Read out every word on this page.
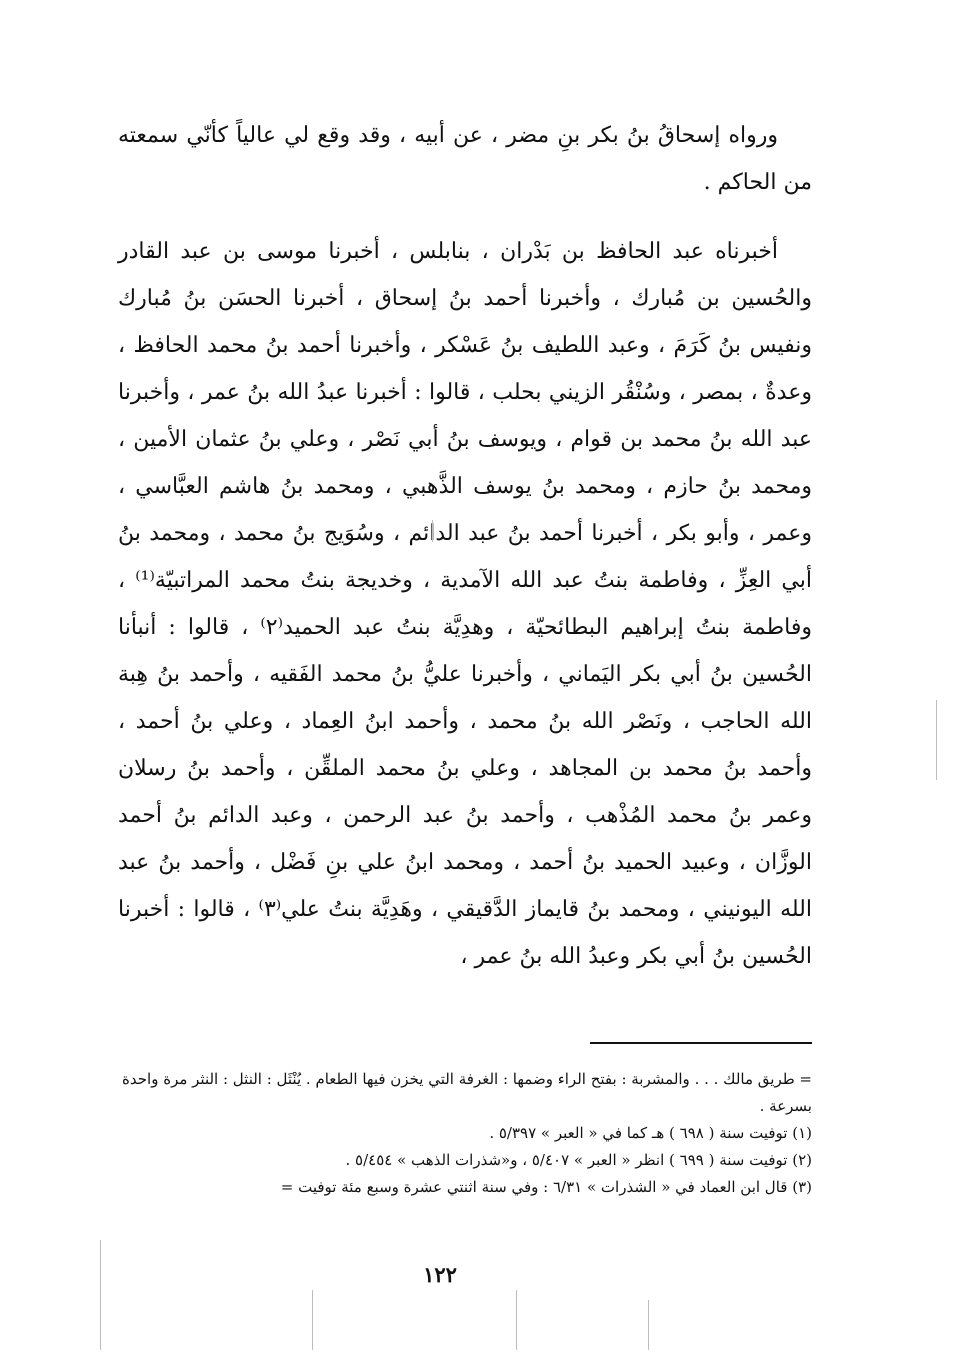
ورواه إسحاقُ بنُ بكر بنِ مضر ، عن أبيه ، وقد وقع لي عالياً كأنّي سمعته من الحاكم .

أخبرناه عبد الحافظ بن بَدْران ، بنابلس ، أخبرنا موسى بن عبد القادر والحُسين بن مُبارك ، وأخبرنا أحمد بنُ إسحاق ، أخبرنا الحسَن بنُ مُبارك ونفيس بنُ كَرَمَ ، وعبد اللطيف بنُ عَسْكر ، وأخبرنا أحمد بنُ محمد الحافظ ، وعدةٌ ، بمصر ، وسُنْقُر الزيني بحلب ، قالوا : أخبرنا عبدُ الله بنُ عمر ، وأخبرنا عبد الله بنُ محمد بن قوام ، ويوسف بنُ أبي نَصْر ، وعلي بنُ عثمان الأمين ، ومحمد بنُ حازم ، ومحمد بنُ يوسف الذَّهبي ، ومحمد بنُ هاشم العبَّاسي ، وعمر ، وأبو بكر ، أخبرنا أحمد بنُ عبد الدائم ، وسُوَيج بنُ محمد ، ومحمد بنُ أبي العِزِّ ، وفاطمة بنتُ عبد الله الآمدية ، وخديجة بنتُ محمد المراتبيّة⁽¹⁾ ، وفاطمة بنتُ إبراهيم البطائحيّة ، وهدِيَّة بنتُ عبد الحميد⁽٢⁾ ، قالوا : أنبأنا الحُسين بنُ أبي بكر اليَماني ، وأخبرنا عليُّ بنُ محمد الفَقيه ، وأحمد بنُ هِبة الله الحاجب ، ونَصْر الله بنُ محمد ، وأحمد ابنُ العِماد ، وعلي بنُ أحمد ، وأحمد بنُ محمد بن المجاهد ، وعلي بنُ محمد الملقِّن ، وأحمد بنُ رسلان وعمر بنُ محمد المُذْهب ، وأحمد بنُ عبد الرحمن ، وعبد الدائم بنُ أحمد الوزَّان ، وعبيد الحميد بنُ أحمد ، ومحمد ابنُ علي بنِ فَضْل ، وأحمد بنُ عبد الله اليونيني ، ومحمد بنُ قايماز الدَّقيقي ، وهَدِيَّة بنتُ علي⁽٣⁾ ، قالوا : أخبرنا الحُسين بنُ أبي بكر وعبدُ الله بنُ عمر ،

= طريق مالك . . . والمشربة : بفتح الراء وضمها : الغرفة التي يخزن فيها الطعام . يُنْثَل : النثل : النثر مرة واحدة بسرعة .

(١) توفيت سنة ( ٦٩٨ ) هـ كما في « العبر » ٥/٣٩٧ .

(٢) توفيت سنة ( ٦٩٩ ) انظر « العبر » ٥/٤٠٧ ، و«شذرات الذهب » ٥/٤٥٤ .

(٣) قال ابن العماد في « الشذرات » ٦/٣١ : وفي سنة اثنتي عشرة وسبع مئة توفيت =

١٢٢
